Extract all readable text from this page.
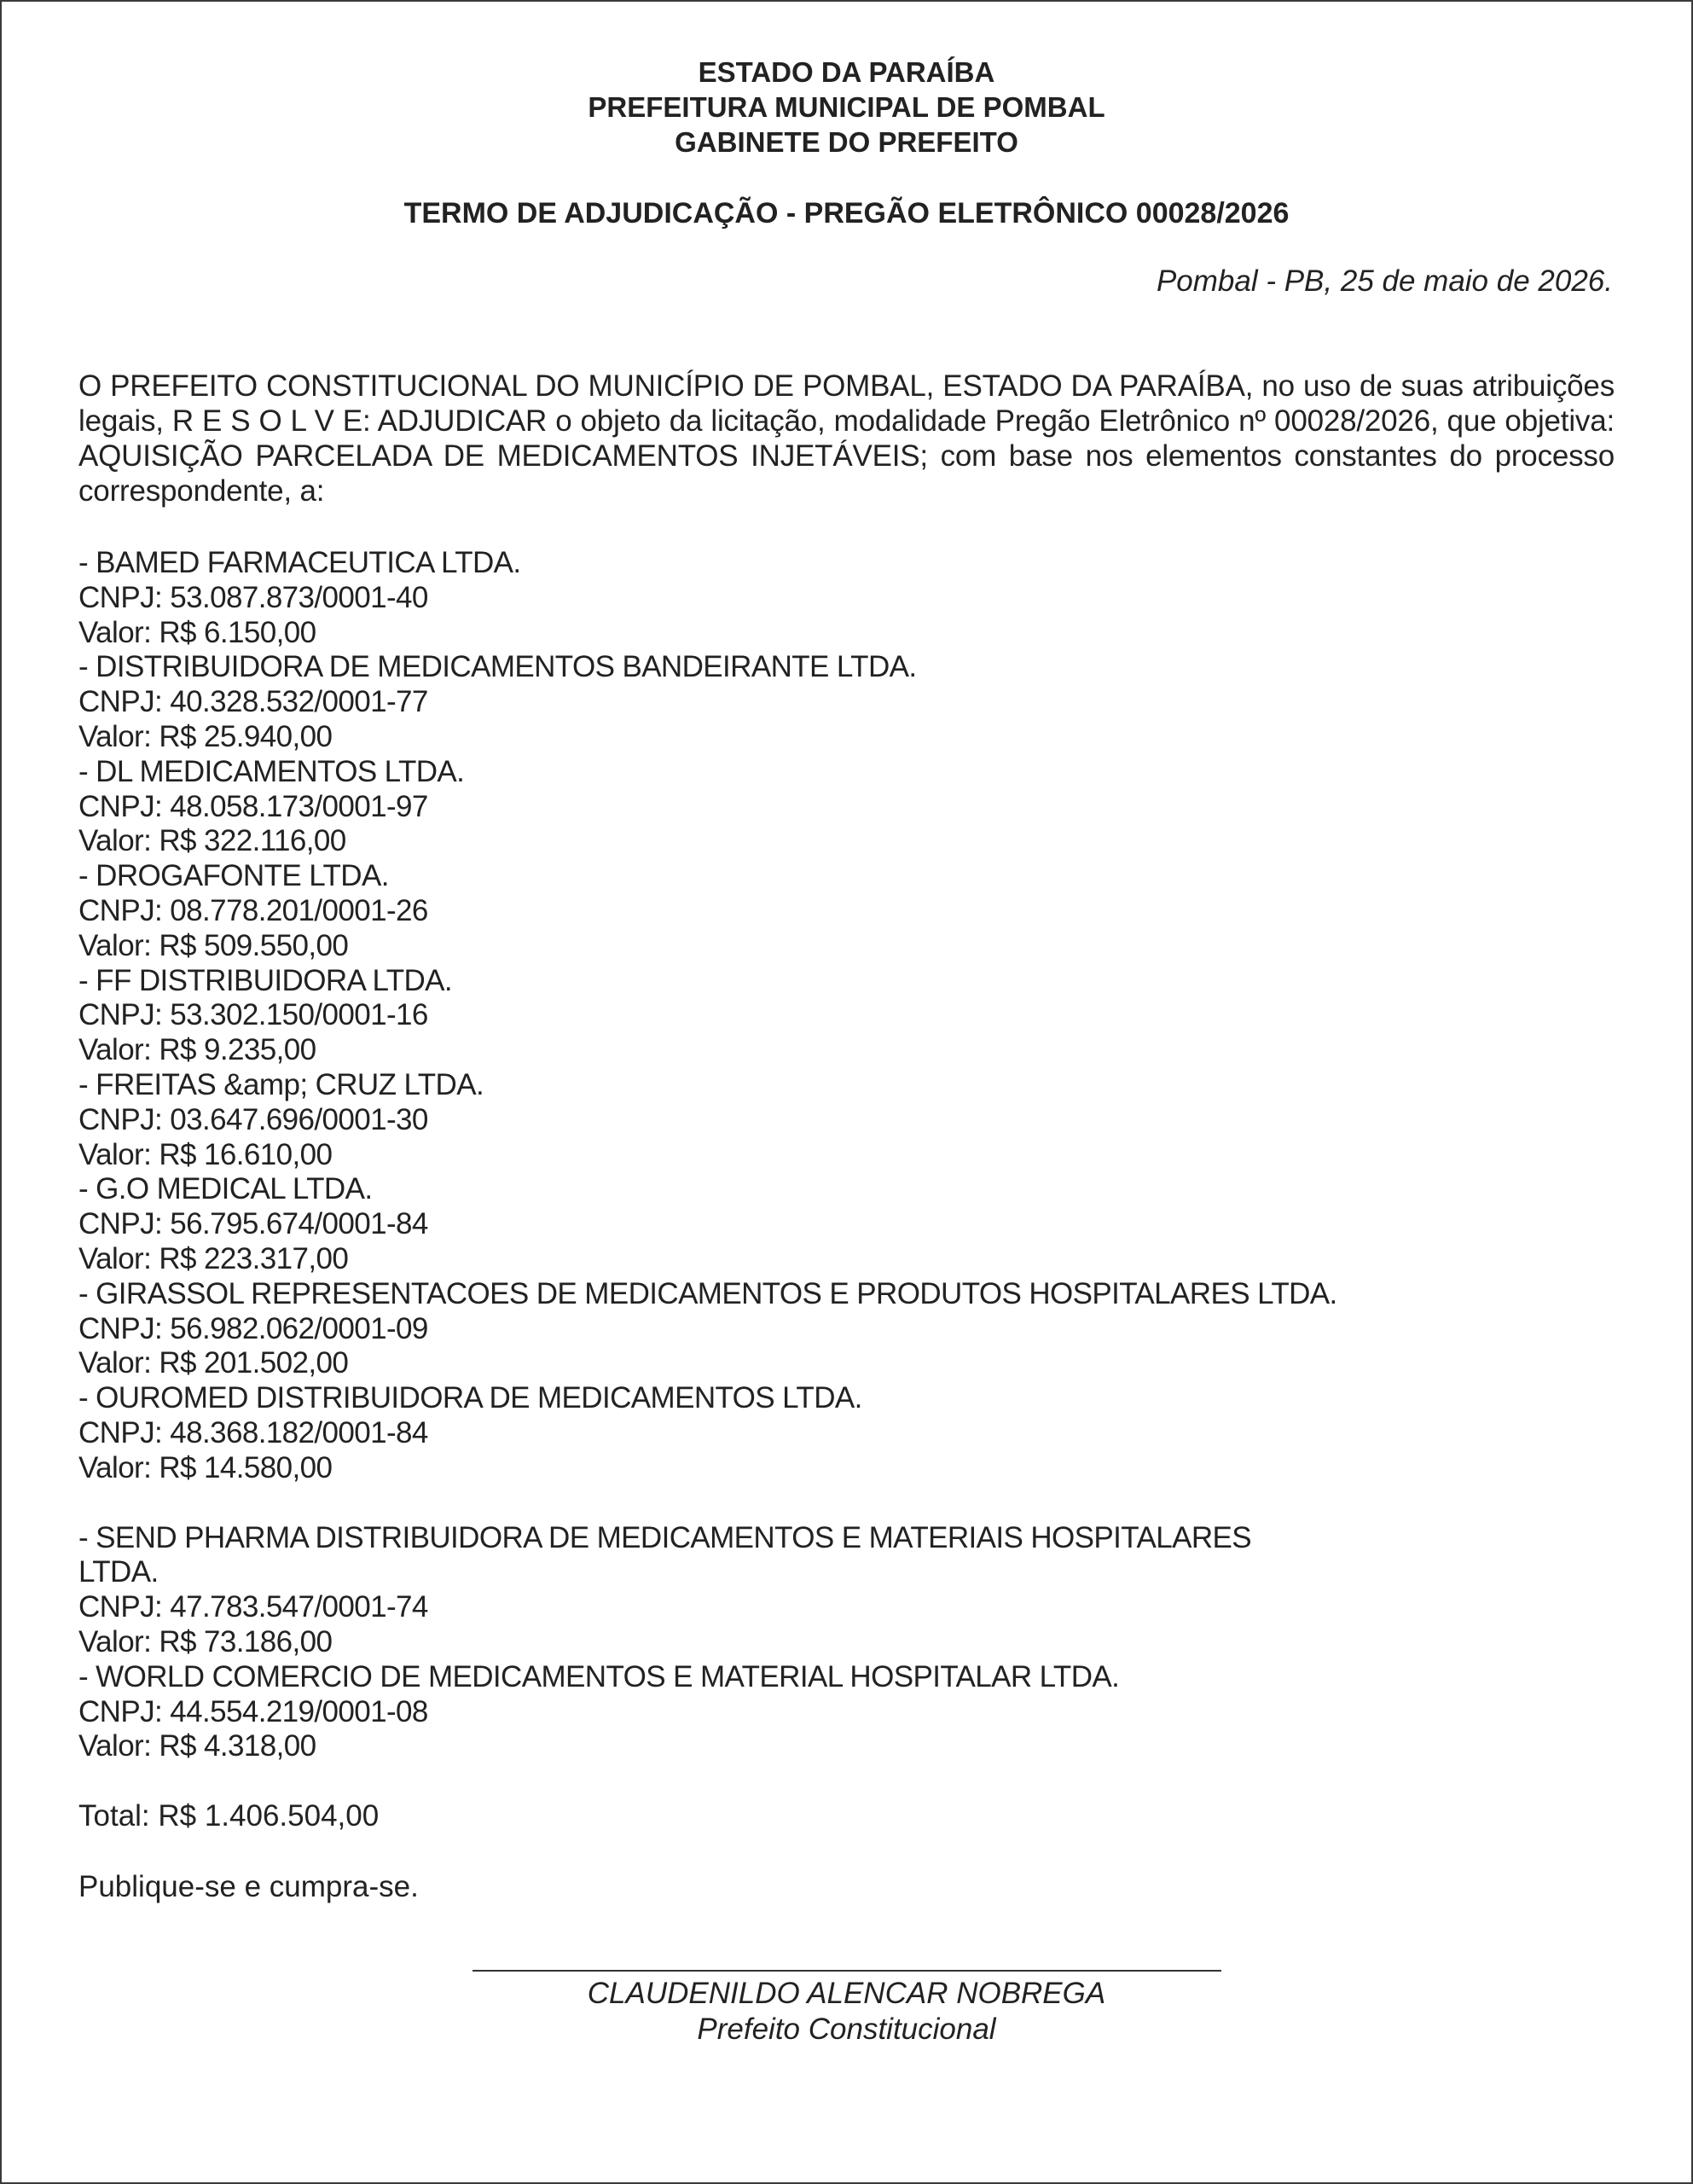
ESTADO DA PARAÍBA
PREFEITURA MUNICIPAL DE POMBAL
GABINETE DO PREFEITO
TERMO DE ADJUDICAÇÃO - PREGÃO ELETRÔNICO 00028/2026
Pombal - PB, 25 de maio de 2026.

O PREFEITO CONSTITUCIONAL DO MUNICÍPIO DE POMBAL, ESTADO DA PARAÍBA, no uso de suas atribuições legais, R E S O L V E: ADJUDICAR o objeto da licitação, modalidade Pregão Eletrônico nº 00028/2026, que objetiva: AQUISIÇÃO PARCELADA DE MEDICAMENTOS INJETÁVEIS; com base nos elementos constantes do processo correspondente, a:

- BAMED FARMACEUTICA LTDA.
CNPJ: 53.087.873/0001-40
Valor: R$ 6.150,00
- DISTRIBUIDORA DE MEDICAMENTOS BANDEIRANTE LTDA.
CNPJ: 40.328.532/0001-77
Valor: R$ 25.940,00
- DL MEDICAMENTOS LTDA.
CNPJ: 48.058.173/0001-97
Valor: R$ 322.116,00
- DROGAFONTE LTDA.
CNPJ: 08.778.201/0001-26
Valor: R$ 509.550,00
- FF DISTRIBUIDORA LTDA.
CNPJ: 53.302.150/0001-16
Valor: R$ 9.235,00
- FREITAS &amp; CRUZ LTDA.
CNPJ: 03.647.696/0001-30
Valor: R$ 16.610,00
- G.O MEDICAL LTDA.
CNPJ: 56.795.674/0001-84
Valor: R$ 223.317,00
- GIRASSOL REPRESENTACOES DE MEDICAMENTOS E PRODUTOS HOSPITALARES LTDA.
CNPJ: 56.982.062/0001-09
Valor: R$ 201.502,00
- OUROMED DISTRIBUIDORA DE MEDICAMENTOS LTDA.
CNPJ: 48.368.182/0001-84
Valor: R$ 14.580,00
- SEND PHARMA DISTRIBUIDORA DE MEDICAMENTOS E MATERIAIS HOSPITALARES
LTDA.
CNPJ: 47.783.547/0001-74
Valor: R$ 73.186,00
- WORLD COMERCIO DE MEDICAMENTOS E MATERIAL HOSPITALAR LTDA.
CNPJ: 44.554.219/0001-08
Valor: R$ 4.318,00
Total: R$ 1.406.504,00
Publique-se e cumpra-se.
CLAUDENILDO ALENCAR NOBREGA
Prefeito Constitucional
